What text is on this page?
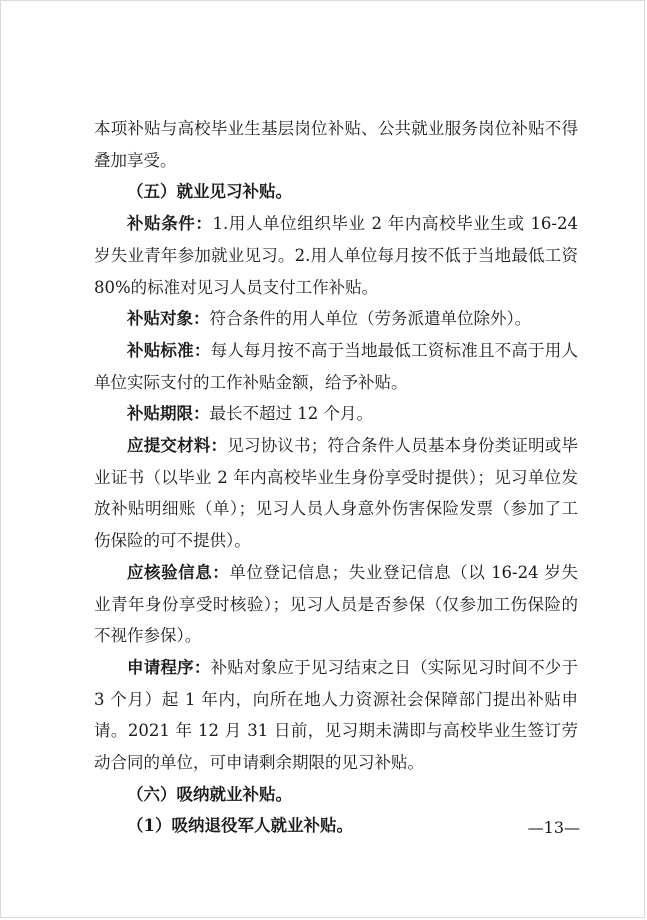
本项补贴与高校毕业生基层岗位补贴、公共就业服务岗位补贴不得叠加享受。

（五）就业见习补贴。

补贴条件：1.用人单位组织毕业 2 年内高校毕业生或 16-24 岁失业青年参加就业见习。2.用人单位每月按不低于当地最低工资 80%的标准对见习人员支付工作补贴。

补贴对象：符合条件的用人单位（劳务派遣单位除外）。

补贴标准：每人每月按不高于当地最低工资标准且不高于用人单位实际支付的工作补贴金额，给予补贴。

补贴期限：最长不超过 12 个月。

应提交材料：见习协议书；符合条件人员基本身份类证明或毕业证书（以毕业 2 年内高校毕业生身份享受时提供）；见习单位发放补贴明细账（单）；见习人员人身意外伤害保险发票（参加了工伤保险的可不提供）。

应核验信息：单位登记信息；失业登记信息（以 16-24 岁失业青年身份享受时核验）；见习人员是否参保（仅参加工伤保险的不视作参保）。

申请程序：补贴对象应于见习结束之日（实际见习时间不少于 3 个月）起 1 年内，向所在地人力资源社会保障部门提出补贴申请。2021 年 12 月 31 日前，见习期未满即与高校毕业生签订劳动合同的单位，可申请剩余期限的见习补贴。

（六）吸纳就业补贴。

（1）吸纳退役军人就业补贴。	—13—
